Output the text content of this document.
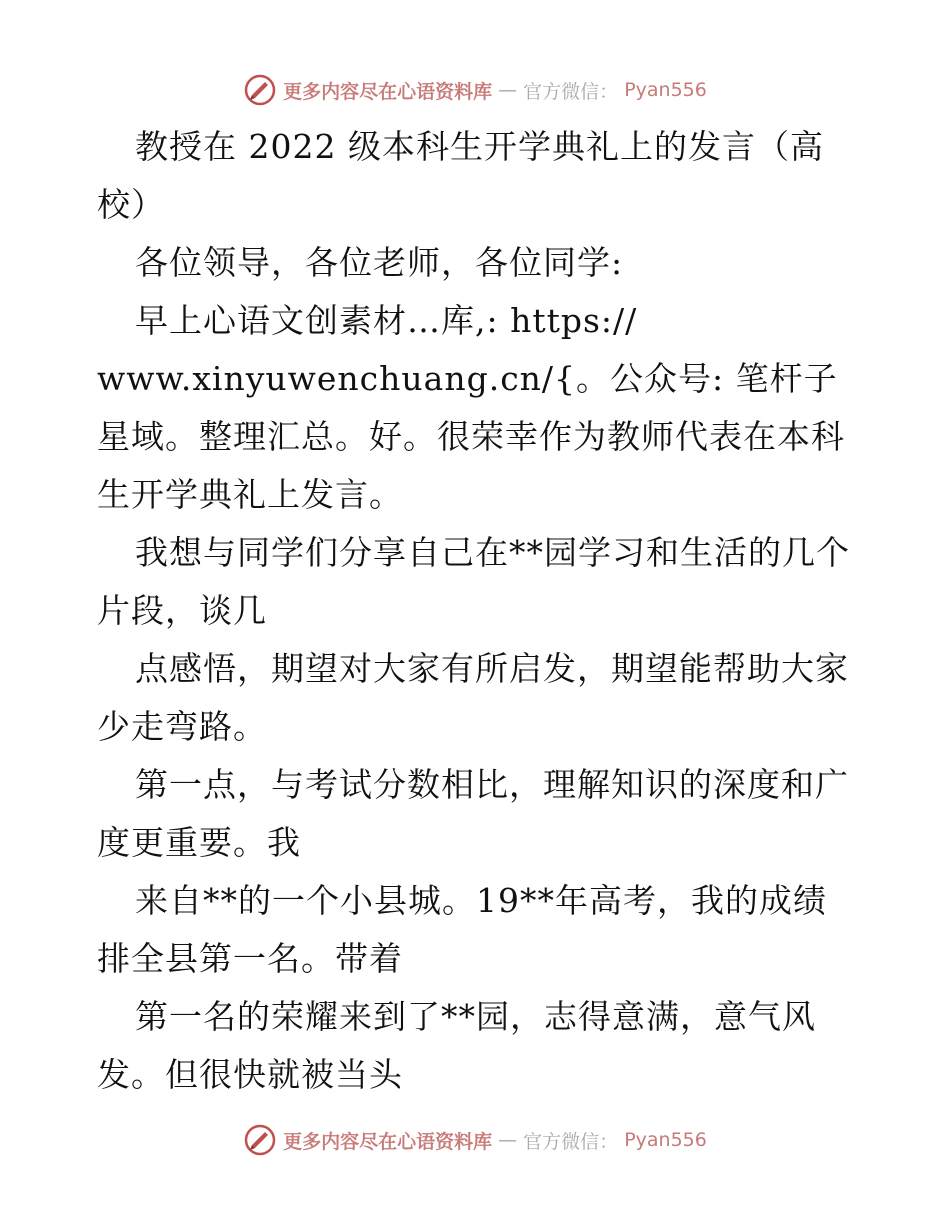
更多内容尽在心语资料库 — 官方微信： Pyan556

教授在 2022 级本科生开学典礼上的发言（高校）

各位领导，各位老师，各位同学:

早上心语文创素材…库,: https://

www.xinyuwenchuang.cn/{。公众号: 笔杆子星域。整理汇总。好。很荣幸作为教师代表在本科生开学典礼上发言。

我想与同学们分享自己在**园学习和生活的几个片段，谈几

点感悟，期望对大家有所启发，期望能帮助大家少走弯路。

第一点，与考试分数相比，理解知识的深度和广度更重要。我

来自**的一个小县城。19**年高考，我的成绩排全县第一名。带着

第一名的荣耀来到了**园，志得意满，意气风发。但很快就被当头

更多内容尽在心语资料库 — 官方微信： Pyan556
